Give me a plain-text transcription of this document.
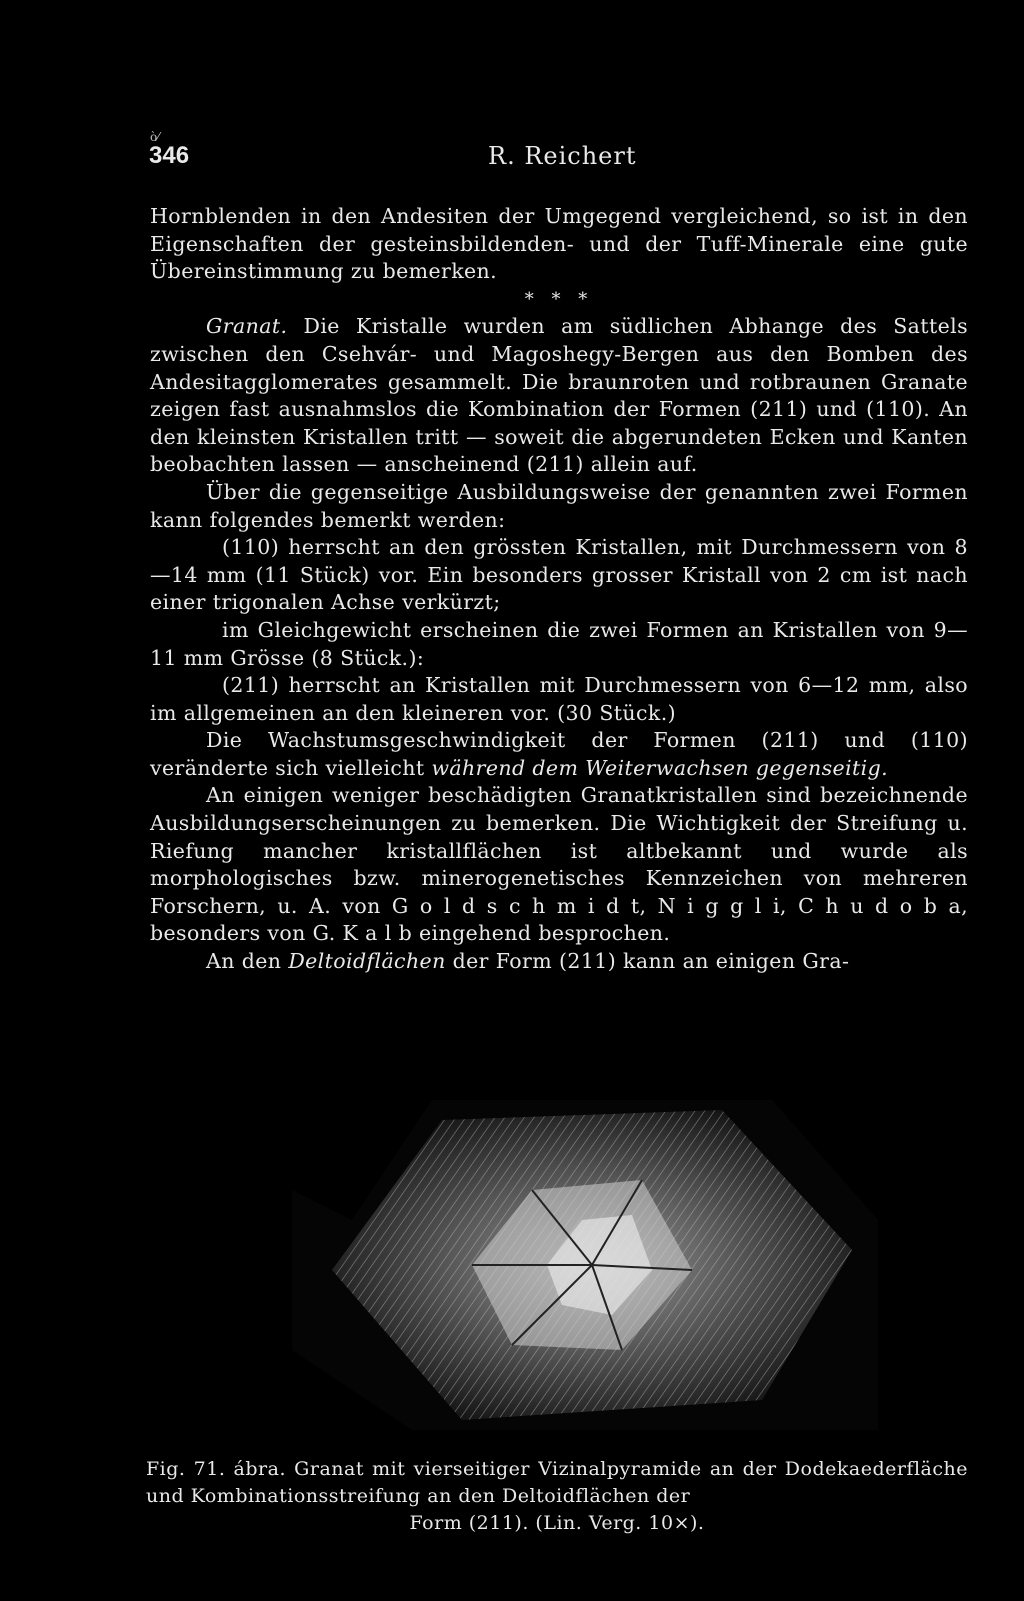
ò⁄
346	R. Reichert

Hornblenden in den Andesiten der Umgegend vergleichend, so ist in den Eigenschaften der gesteinsbildenden- und der Tuff-Minerale eine gute Übereinstimmung zu bemerken.

* * *

Granat. Die Kristalle wurden am südlichen Abhange des Sattels zwischen den Csehvár- und Magoshegy-Bergen aus den Bomben des Andesitagglomerates gesammelt. Die braunroten und rotbraunen Granate zeigen fast ausnahmslos die Kombination der Formen (211) und (110). An den kleinsten Kristallen tritt — soweit die abgerundeten Ecken und Kanten beobachten lassen — anscheinend (211) allein auf.

Über die gegenseitige Ausbildungsweise der genannten zwei Formen kann folgendes bemerkt werden:

(110) herrscht an den grössten Kristallen, mit Durchmessern von 8—14 mm (11 Stück) vor. Ein besonders grosser Kristall von 2 cm ist nach einer trigonalen Achse verkürzt;

im Gleichgewicht erscheinen die zwei Formen an Kristallen von 9—11 mm Grösse (8 Stück.):

(211) herrscht an Kristallen mit Durchmessern von 6—12 mm, also im allgemeinen an den kleineren vor. (30 Stück.)

Die Wachstumsgeschwindigkeit der Formen (211) und (110) veränderte sich vielleicht während dem Weiterwachsen gegenseitig.

An einigen weniger beschädigten Granatkristallen sind bezeichnende Ausbildungserscheinungen zu bemerken. Die Wichtigkeit der Streifung u. Riefung mancher kristallflächen ist altbekannt und wurde als morphologisches bzw. minerogenetisches Kennzeichen von mehreren Forschern, u. A. von G o l d s c h m i d t, N i g g l i, C h u d o b a, besonders von G. K a l b eingehend besprochen.

An den Deltoidflächen der Form (211) kann an einigen Gra-

Fig. 71. ábra. Granat mit vierseitiger Vizinalpyramide an der Dodekaederfläche und Kombinationsstreifung an den Deltoidflächen der
Form (211). (Lin. Verg. 10×).
